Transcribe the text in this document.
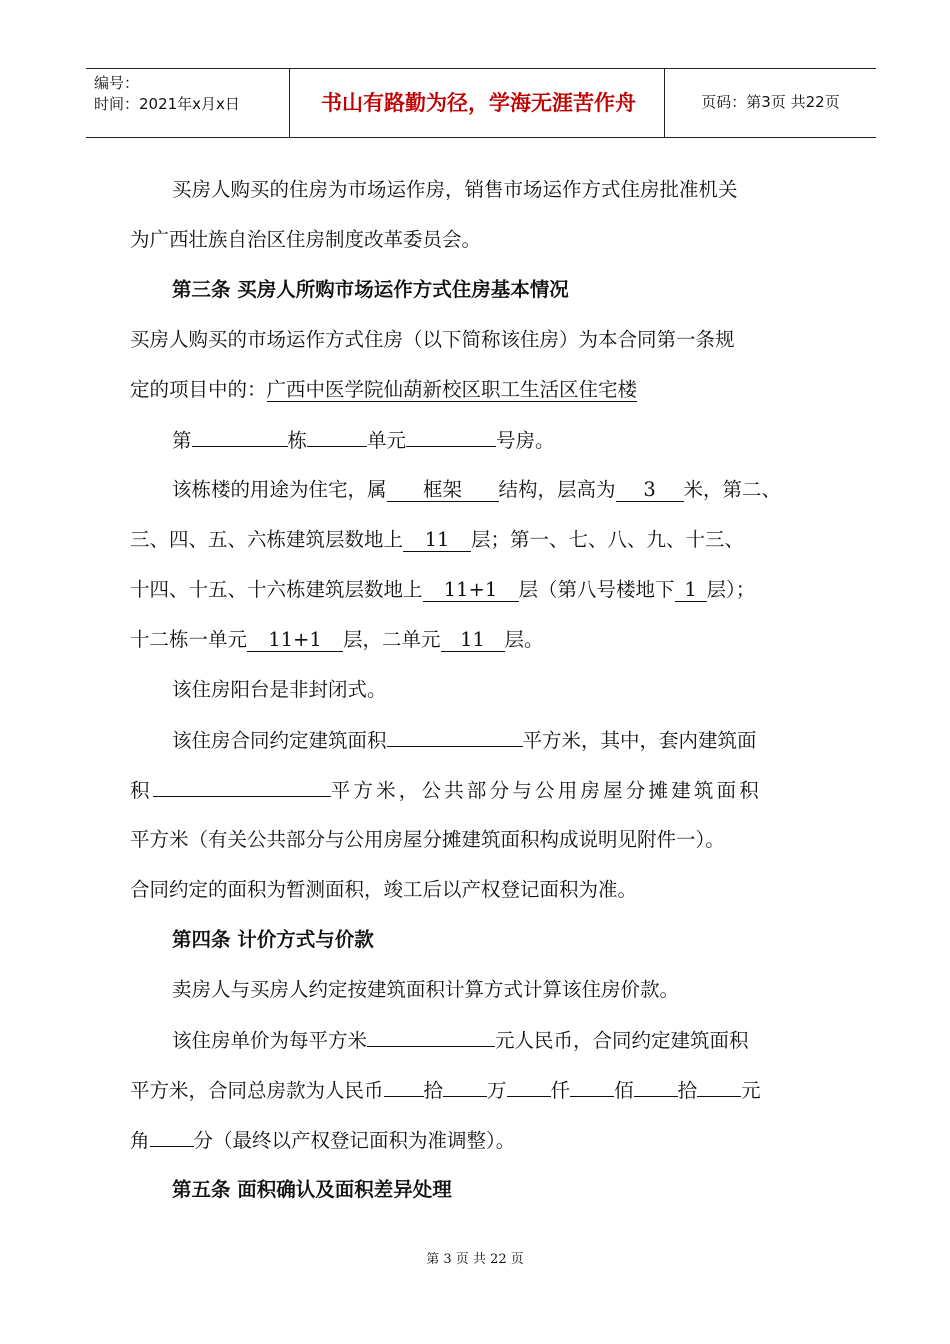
编号：
时间：2021年x月x日	书山有路勤为径，学海无涯苦作舟	页码：第3页 共22页
买房人购买的住房为市场运作房，销售市场运作方式住房批准机关
为广西壮族自治区住房制度改革委员会。
第三条 买房人所购市场运作方式住房基本情况
买房人购买的市场运作方式住房（以下简称该住房）为本合同第一条规
定的项目中的：广西中医学院仙葫新校区职工生活区住宅楼
第	栋	单元	号房。
该栋楼的用途为住宅，属 框架 结构，层高为 3 米，第二、
三、四、五、六栋建筑层数地上 11 层；第一、七、八、九、十三、
十四、十五、十六栋建筑层数地上 11+1 层（第八号楼地下 1 层）；
十二栋一单元 11+1 层，二单元 11 层。
该住房阳台是非封闭式。
该住房合同约定建筑面积	平方米，其中，套内建筑面
积	平方米，公共部分与公用房屋分摊建筑面积
平方米（有关公共部分与公用房屋分摊建筑面积构成说明见附件一）。
合同约定的面积为暂测面积，竣工后以产权登记面积为准。
第四条 计价方式与价款
卖房人与买房人约定按建筑面积计算方式计算该住房价款。
该住房单价为每平方米	元人民币，合同约定建筑面积
平方米，合同总房款为人民币 拾 万 仟 佰 拾 元
角 分（最终以产权登记面积为准调整）。
第五条 面积确认及面积差异处理
第 3 页 共 22 页
